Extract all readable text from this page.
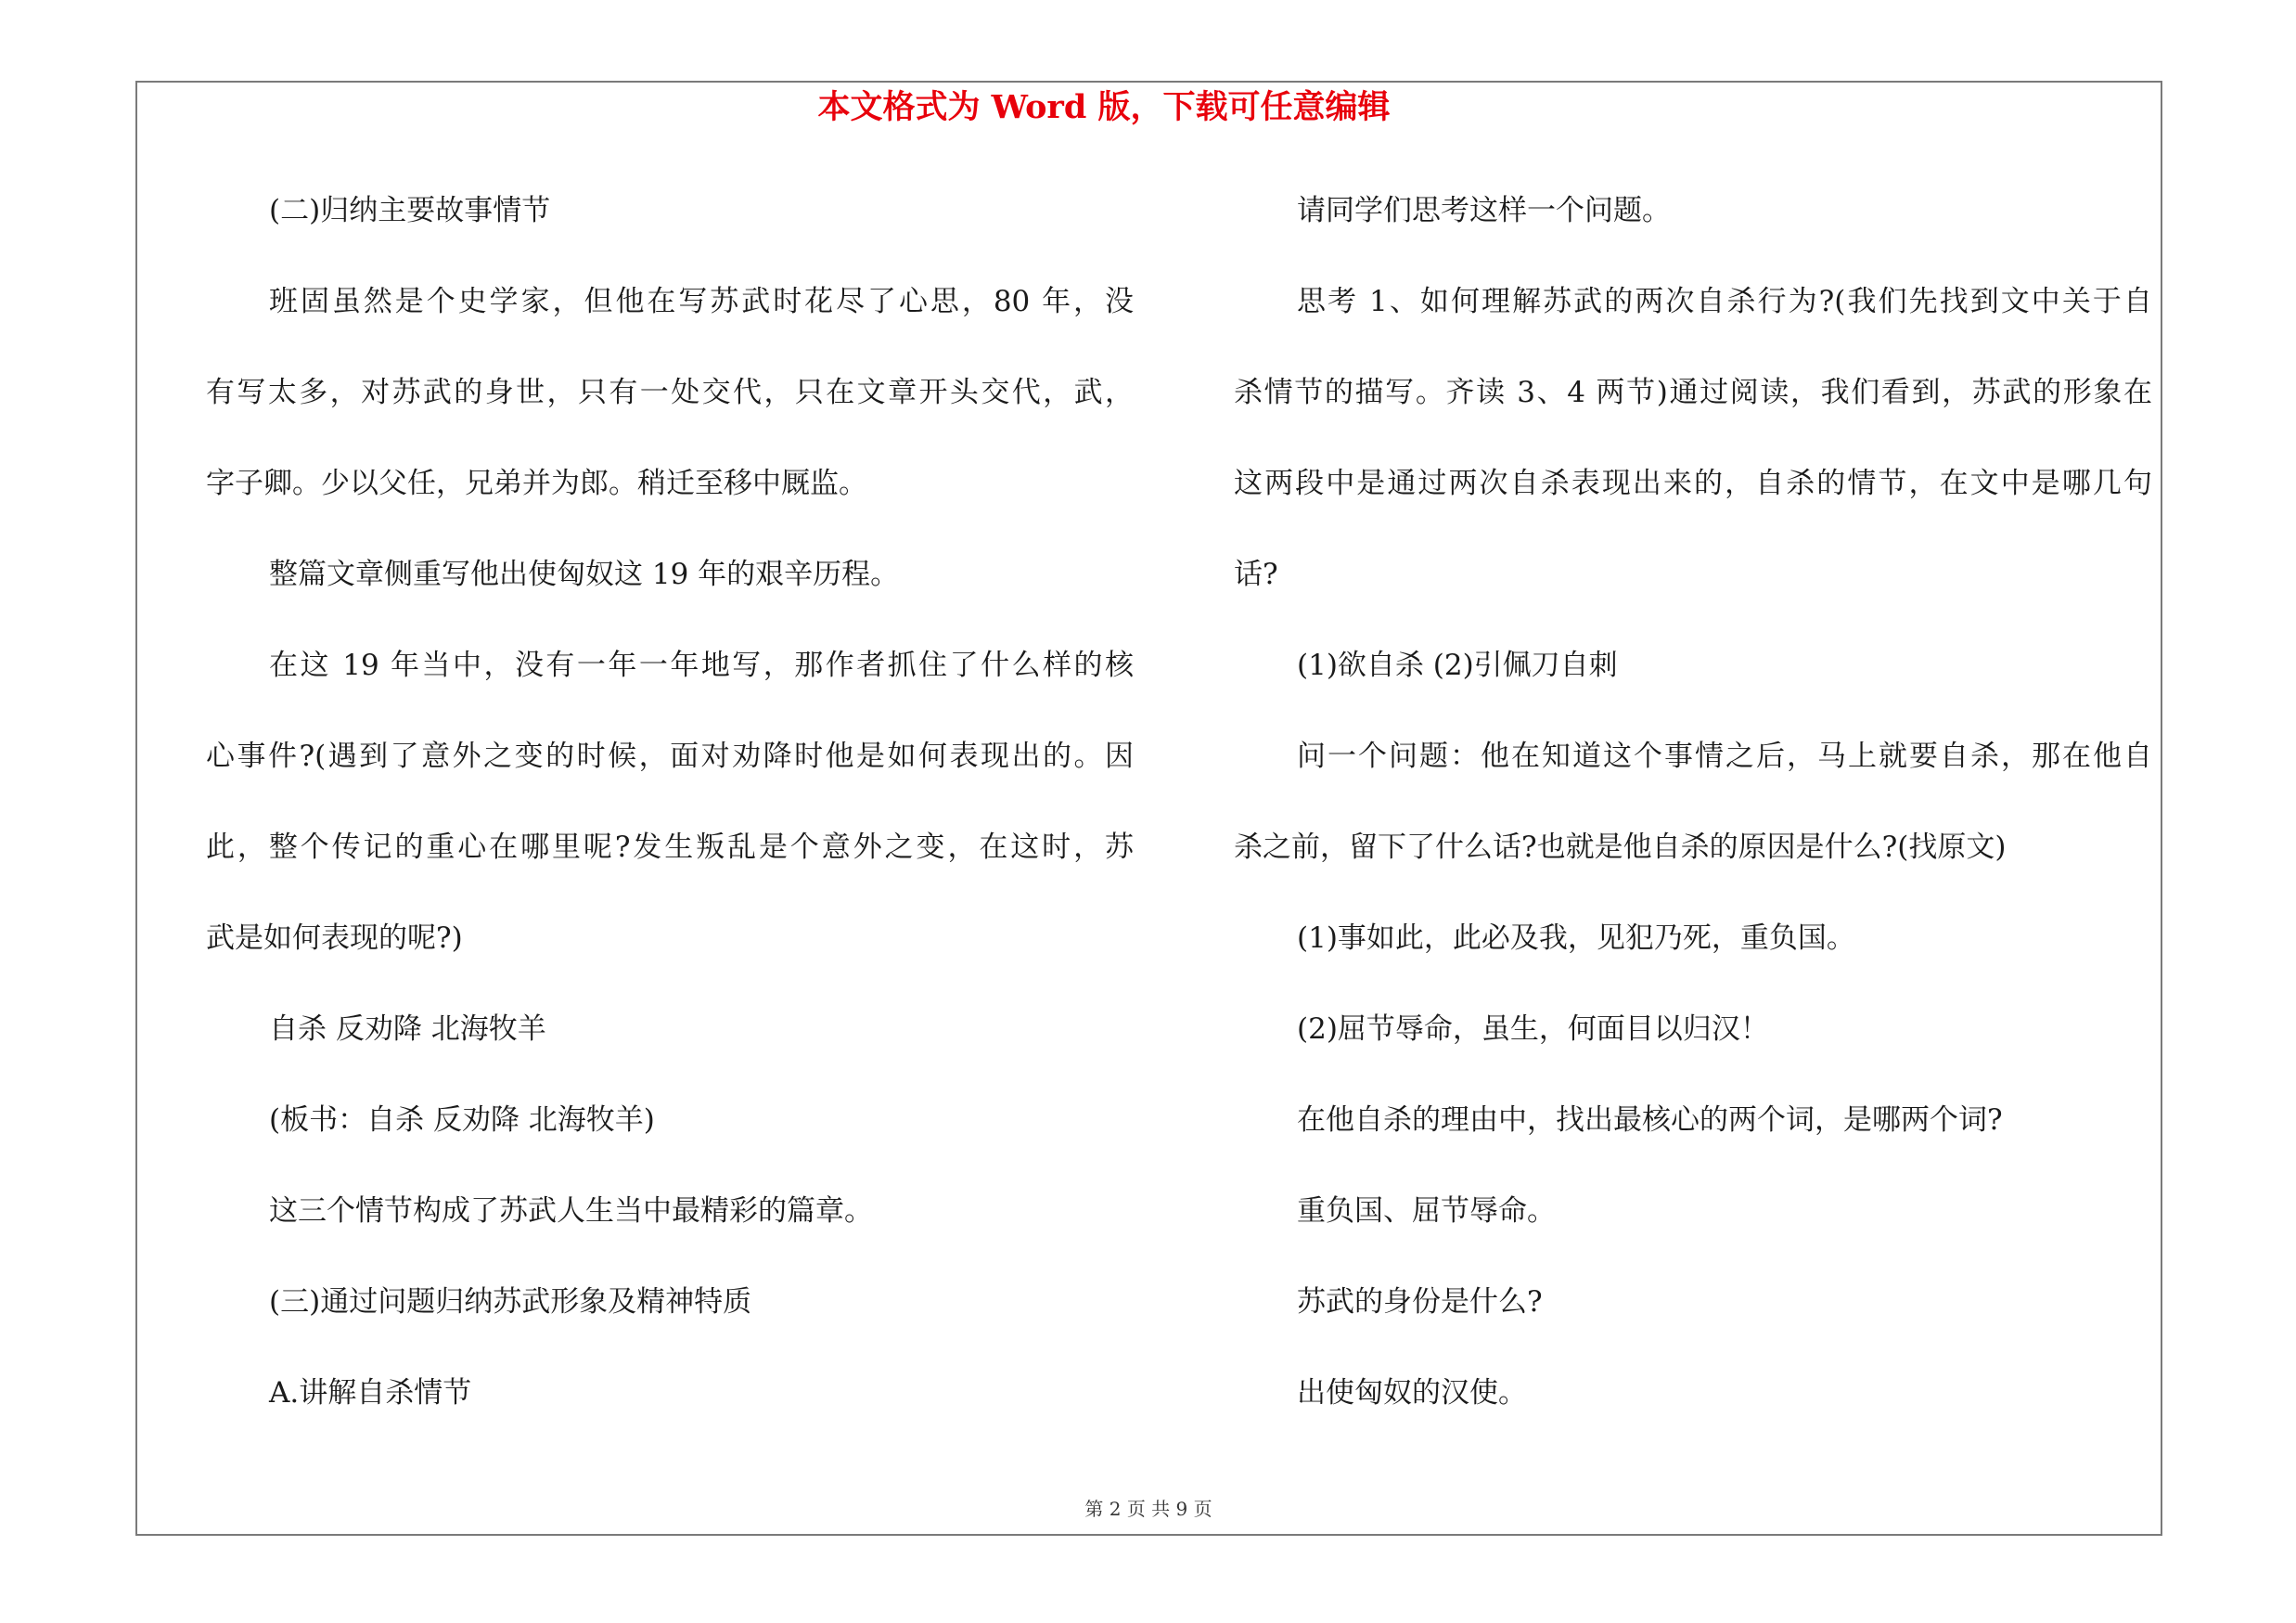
本文格式为 Word 版，下载可任意编辑
(二)归纳主要故事情节
班固虽然是个史学家，但他在写苏武时花尽了心思，80 年，没
有写太多，对苏武的身世，只有一处交代，只在文章开头交代，武，
字子卿。少以父任，兄弟并为郎。稍迁至移中厩监。
整篇文章侧重写他出使匈奴这 19 年的艰辛历程。
在这 19 年当中，没有一年一年地写，那作者抓住了什么样的核
心事件?(遇到了意外之变的时候，面对劝降时他是如何表现出的。因
此，整个传记的重心在哪里呢?发生叛乱是个意外之变，在这时，苏
武是如何表现的呢?)
自杀 反劝降 北海牧羊
(板书：自杀 反劝降 北海牧羊)
这三个情节构成了苏武人生当中最精彩的篇章。
(三)通过问题归纳苏武形象及精神特质
A.讲解自杀情节
请同学们思考这样一个问题。
思考 1、如何理解苏武的两次自杀行为?(我们先找到文中关于自
杀情节的描写。齐读 3、4 两节)通过阅读，我们看到，苏武的形象在
这两段中是通过两次自杀表现出来的，自杀的情节，在文中是哪几句
话?
(1)欲自杀 (2)引佩刀自刺
问一个问题：他在知道这个事情之后，马上就要自杀，那在他自
杀之前，留下了什么话?也就是他自杀的原因是什么?(找原文)
(1)事如此，此必及我，见犯乃死，重负国。
(2)屈节辱命，虽生，何面目以归汉！
在他自杀的理由中，找出最核心的两个词，是哪两个词?
重负国、屈节辱命。
苏武的身份是什么?
出使匈奴的汉使。
第 2 页 共 9 页
